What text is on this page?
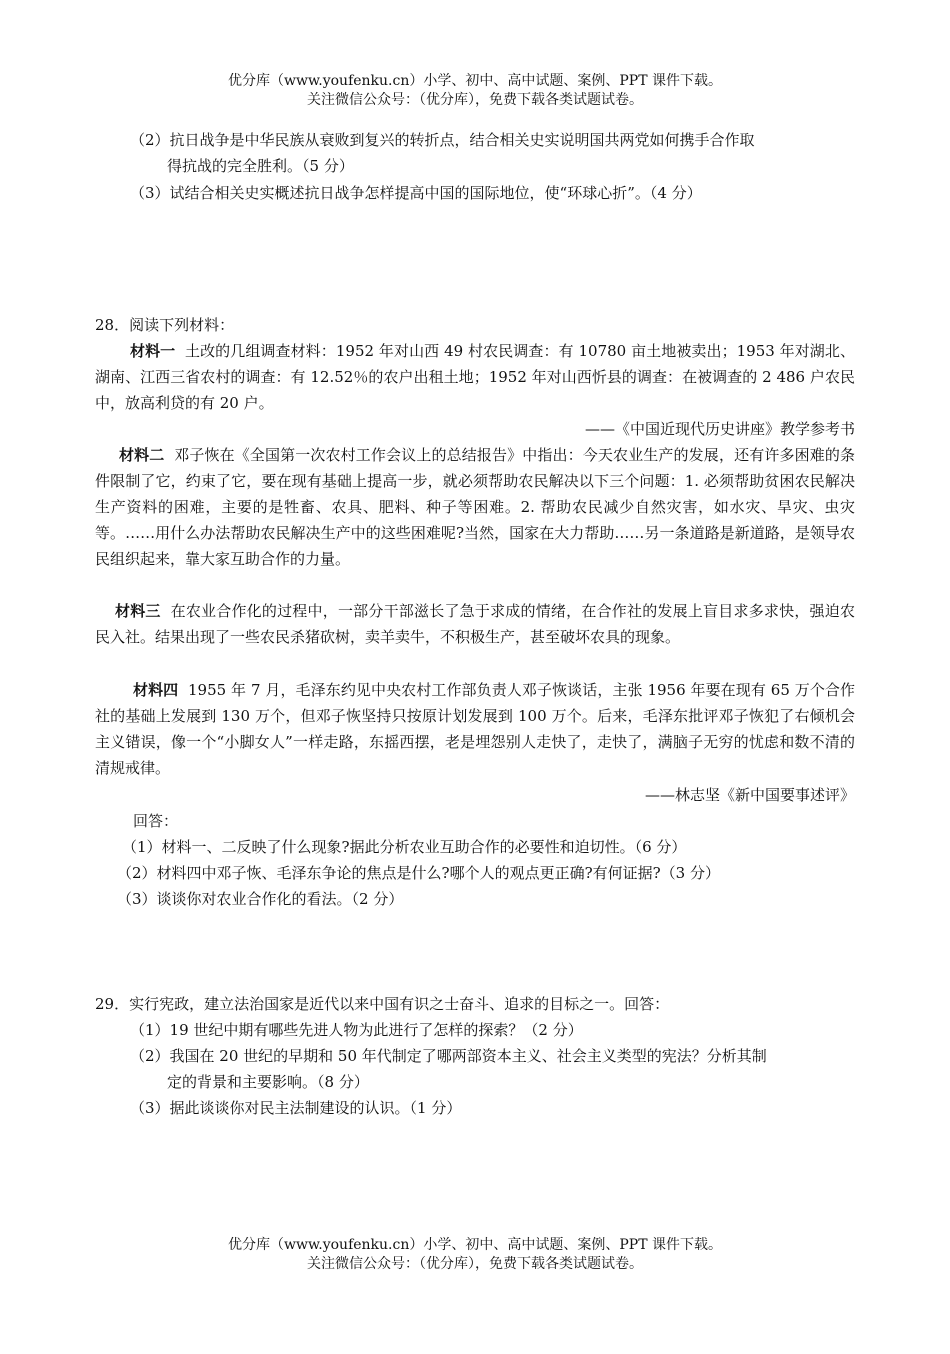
优分库（www.youfenku.cn）小学、初中、高中试题、案例、PPT 课件下载。
关注微信公众号：（优分库），免费下载各类试题试卷。
（2）抗日战争是中华民族从衰败到复兴的转折点，结合相关史实说明国共两党如何携手合作取
得抗战的完全胜利。（5 分）
（3）试结合相关史实概述抗日战争怎样提高中国的国际地位，使“环球心折”。（4 分）
28．阅读下列材料：
材料一 土改的几组调查材料：1952 年对山西 49 村农民调查：有 10780 亩土地被卖出；1953 年对湖北、湖南、江西三省农村的调查：有 12.52％的农户出租土地；1952 年对山西忻县的调查：在被调查的 2 486 户农民中，放高利贷的有 20 户。
——《中国近现代历史讲座》教学参考书
材料二 邓子恢在《全国第一次农村工作会议上的总结报告》中指出：今天农业生产的发展，还有许多困难的条件限制了它，约束了它，要在现有基础上提高一步，就必须帮助农民解决以下三个问题：1. 必须帮助贫困农民解决生产资料的困难，主要的是牲畜、农具、肥料、种子等困难。2. 帮助农民减少自然灾害，如水灾、旱灾、虫灾等。……用什么办法帮助农民解决生产中的这些困难呢?当然，国家在大力帮助……另一条道路是新道路，是领导农民组织起来，靠大家互助合作的力量。
材料三 在农业合作化的过程中，一部分干部滋长了急于求成的情绪，在合作社的发展上盲目求多求快，强迫农民入社。结果出现了一些农民杀猪砍树，卖羊卖牛，不积极生产，甚至破坏农具的现象。
材料四 1955 年 7 月，毛泽东约见中央农村工作部负责人邓子恢谈话，主张 1956 年要在现有 65 万个合作社的基础上发展到 130 万个，但邓子恢坚持只按原计划发展到 100 万个。后来，毛泽东批评邓子恢犯了右倾机会主义错误，像一个“小脚女人”一样走路，东摇西摆，老是埋怨别人走快了，走快了，满脑子无穷的忧虑和数不清的清规戒律。
——林志坚《新中国要事述评》
回答：
（1）材料一、二反映了什么现象?据此分析农业互助合作的必要性和迫切性。（6 分）
（2）材料四中邓子恢、毛泽东争论的焦点是什么?哪个人的观点更正确?有何证据?（3 分）
（3）谈谈你对农业合作化的看法。（2 分）
29．实行宪政，建立法治国家是近代以来中国有识之士奋斗、追求的目标之一。回答：
（1）19 世纪中期有哪些先进人物为此进行了怎样的探索？（2 分）
（2）我国在 20 世纪的早期和 50 年代制定了哪两部资本主义、社会主义类型的宪法？分析其制
定的背景和主要影响。（8 分）
（3）据此谈谈你对民主法制建设的认识。（1 分）
优分库（www.youfenku.cn）小学、初中、高中试题、案例、PPT 课件下载。
关注微信公众号：（优分库），免费下载各类试题试卷。
